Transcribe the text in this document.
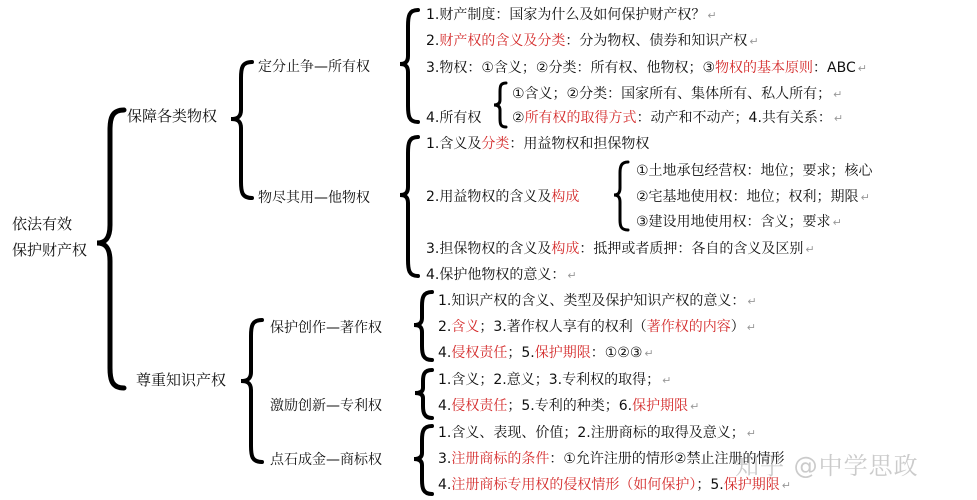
依法有效
保护财产权
保障各类物权
尊重知识产权
定分止争—所有权
物尽其用—他物权
保护创作—著作权
激励创新—专利权
点石成金—商标权
1.财产制度：国家为什么及如何保护财产权？ ↵
2.财产权的含义及分类：分为物权、债券和知识产权 ↵
3.物权：①含义；②分类：所有权、他物权；③物权的基本原则：ABC ↵
4.所有权
①含义；②分类：国家所有、集体所有、私人所有； ↵
②所有权的取得方式：动产和不动产；4.共有关系： ↵
1.含义及分类：用益物权和担保物权
2.用益物权的含义及构成
①土地承包经营权：地位；要求；核心
②宅基地使用权：地位；权利；期限 ↵
③建设用地使用权：含义；要求 ↵
3.担保物权的含义及构成：抵押或者质押：各自的含义及区别 ↵
4.保护他物权的意义： ↵
1.知识产权的含义、类型及保护知识产权的意义： ↵
2.含义；3.著作权人享有的权利（著作权的内容） ↵
4.侵权责任；5.保护期限：①②③ ↵
1.含义；2.意义；3.专利权的取得； ↵
4.侵权责任；5.专利的种类；6.保护期限 ↵
1.含义、表现、价值；2.注册商标的取得及意义； ↵
3.注册商标的条件：①允许注册的情形②禁止注册的情形
4.注册商标专用权的侵权情形（如何保护）；5.保护期限 ↵
知乎 @中学思政
